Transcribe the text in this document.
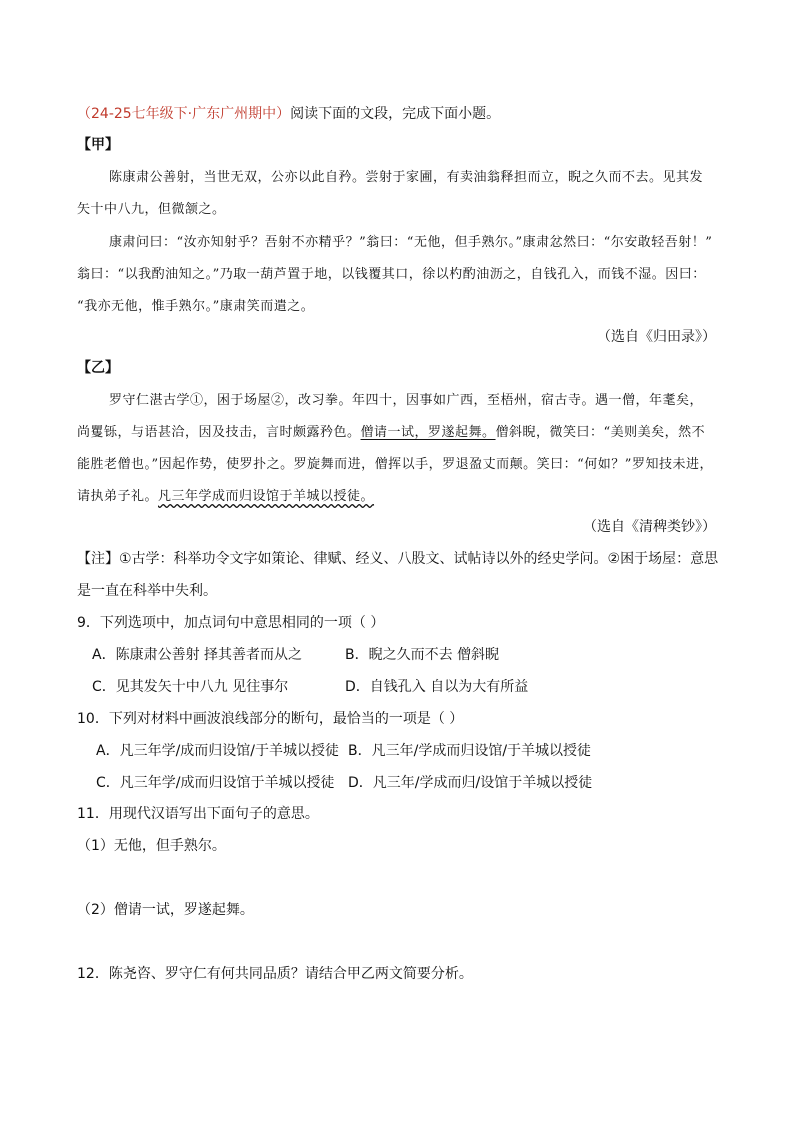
（24-25七年级下·广东广州期中）阅读下面的文段，完成下面小题。
【甲】
陈康肃公善射，当世无双，公亦以此自矜。尝射于家圃，有卖油翁释担而立，睨之久而不去。见其发
矢十中八九，但微颔之。
康肃问曰：“汝亦知射乎？吾射不亦精乎？”翁曰：“无他，但手熟尔。”康肃忿然曰：“尔安敢轻吾射！”
翁曰：“以我酌油知之。”乃取一葫芦置于地，以钱覆其口，徐以杓酌油沥之，自钱孔入，而钱不湿。因曰：
“我亦无他，惟手熟尔。”康肃笑而遣之。
（选自《归田录》）
【乙】
罗守仁湛古学①，困于场屋②，改习拳。年四十，因事如广西，至梧州，宿古寺。遇一僧，年耄矣，
尚矍铄，与语甚洽，因及技击，言时颇露矜色。僧请一试，罗遂起舞。僧斜睨，微笑曰：“美则美矣，然不
能胜老僧也。”因起作势，使罗扑之。罗旋舞而进，僧挥以手，罗退盈丈而颠。笑曰：“何如？”罗知技未进，
请执弟子礼。凡三年学成而归设馆于羊城以授徒。
（选自《清稗类钞》）
【注】①古学：科举功令文字如策论、律赋、经义、八股文、试帖诗以外的经史学问。②困于场屋：意思
是一直在科举中失利。
9．下列选项中，加点词句中意思相同的一项（ ）
A．陈康肃公善射 择其善者而从之	B．睨之久而不去 僧斜睨
C．见其发矢十中八九 见往事尔	D．自钱孔入 自以为大有所益
10．下列对材料中画波浪线部分的断句，最恰当的一项是（ ）
A．凡三年学/成而归设馆/于羊城以授徒 B．凡三年/学成而归设馆/于羊城以授徒
C．凡三年学/成而归设馆于羊城以授徒 D．凡三年/学成而归/设馆于羊城以授徒
11．用现代汉语写出下面句子的意思。
（1）无他，但手熟尔。
（2）僧请一试，罗遂起舞。
12．陈尧咨、罗守仁有何共同品质？请结合甲乙两文简要分析。
